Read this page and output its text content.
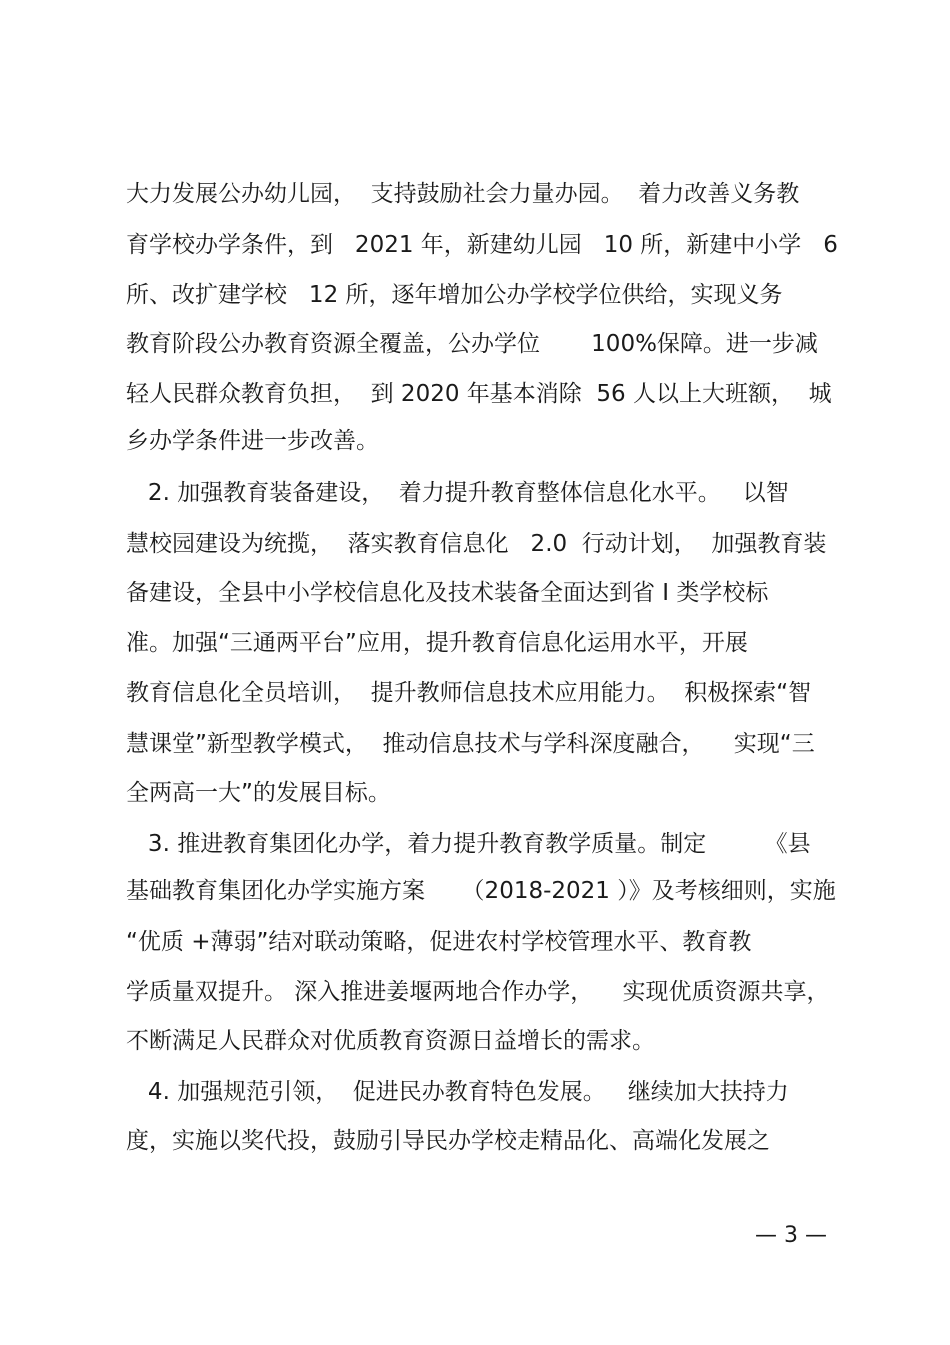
大力发展公办幼儿园，  支持鼓励社会力量办园。  着力改善义务教
育学校办学条件，到   2021 年，新建幼儿园   10 所，新建中小学   6
所、改扩建学校   12 所，逐年增加公办学校学位供给，实现义务
教育阶段公办教育资源全覆盖，公办学位       100%保障。进一步减
轻人民群众教育负担，  到 2020 年基本消除  56 人以上大班额，  城
乡办学条件进一步改善。
2. 加强教育装备建设，  着力提升教育整体信息化水平。   以智
慧校园建设为统揽，  落实教育信息化   2.0  行动计划，  加强教育装
备建设，全县中小学校信息化及技术装备全面达到省 I 类学校标
准。加强“三通两平台”应用，提升教育信息化运用水平，开展
教育信息化全员培训，  提升教师信息技术应用能力。  积极探索“智
慧课堂”新型教学模式，  推动信息技术与学科深度融合，    实现“三
全两高一大”的发展目标。
3. 推进教育集团化办学，着力提升教育教学质量。制定        《县
基础教育集团化办学实施方案     （2018-2021 ）》及考核细则，实施
“优质 +薄弱”结对联动策略，促进农村学校管理水平、教育教
学质量双提升。 深入推进姜堰两地合作办学，    实现优质资源共享，
不断满足人民群众对优质教育资源日益增长的需求。
4. 加强规范引领，  促进民办教育特色发展。   继续加大扶持力
度，实施以奖代投，鼓励引导民办学校走精品化、高端化发展之
— 3 —
